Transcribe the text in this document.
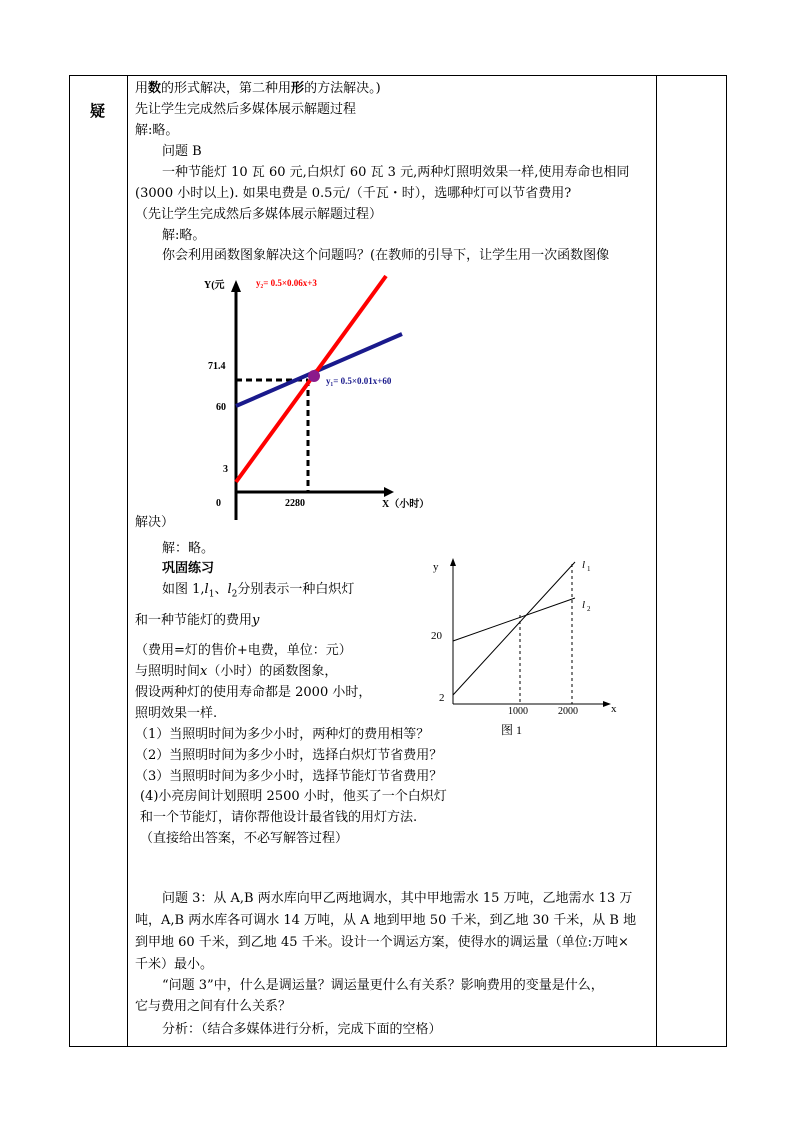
疑
用数的形式解决，第二种用形的方法解决。)
先让学生完成然后多媒体展示解题过程
解:略。
问题 B
一种节能灯 10 瓦 60 元,白炽灯 60 瓦 3 元,两种灯照明效果一样,使用寿命也相同
(3000 小时以上). 如果电费是 0.5元/（千瓦・时），选哪种灯可以节省费用?
（先让学生完成然后多媒体展示解题过程）
解:略。
你会利用函数图象解决这个问题吗？(在教师的引导下，让学生用一次函数图像
Y(元
X（小时）
0
71.4
60
3
2280
y₂= 0.5×0.06x+3
y₁= 0.5×0.01x+60
解决）
解：略。
巩固练习
如图 $1,l_1$、$l_2$分别表示一种白炽灯
和一种节能灯的费用y
（费用=灯的售价+电费，单位：元）
与照明时间x（小时）的函数图象，
假设两种灯的使用寿命都是 2000 小时，
照明效果一样.
（1）当照明时间为多少小时，两种灯的费用相等？
（2）当照明时间为多少小时，选择白炽灯节省费用？
（3）当照明时间为多少小时，选择节能灯节省费用？
(4)小亮房间计划照明 2500 小时，他买了一个白炽灯
和一个节能灯，请你帮他设计最省钱的用灯方法.
（直接给出答案，不必写解答过程）
y
x
20
2
1000	2000
l 1
l 2
图 1
问题 3：从 A,B 两水库向甲乙两地调水，其中甲地需水 15 万吨，乙地需水 13 万
吨，A,B 两水库各可调水 14 万吨，从 A 地到甲地 50 千米，到乙地 30 千米，从 B 地
到甲地 60 千米，到乙地 45 千米。设计一个调运方案，使得水的调运量（单位:万吨×
千米）最小。
“问题 3”中，什么是调运量？调运量更什么有关系？影响费用的变量是什么，
它与费用之间有什么关系？
分析：（结合多媒体进行分析，完成下面的空格）
